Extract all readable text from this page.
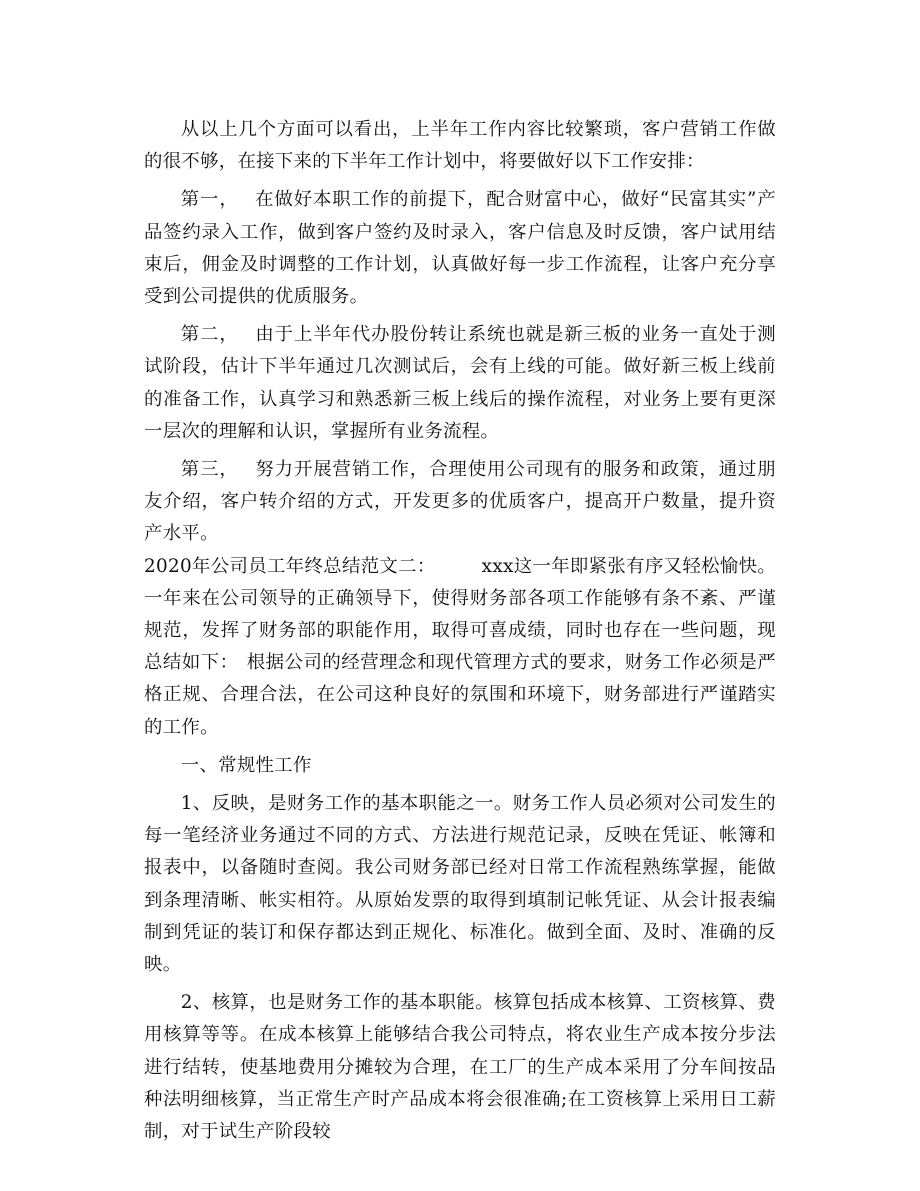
从以上几个方面可以看出，上半年工作内容比较繁琐，客户营销工作做的很不够，在接下来的下半年工作计划中，将要做好以下工作安排：

第一， 在做好本职工作的前提下，配合财富中心，做好“民富其实”产品签约录入工作，做到客户签约及时录入，客户信息及时反馈，客户试用结束后，佣金及时调整的工作计划，认真做好每一步工作流程，让客户充分享受到公司提供的优质服务。

第二， 由于上半年代办股份转让系统也就是新三板的业务一直处于测试阶段，估计下半年通过几次测试后，会有上线的可能。做好新三板上线前的准备工作，认真学习和熟悉新三板上线后的操作流程，对业务上要有更深一层次的理解和认识，掌握所有业务流程。

第三， 努力开展营销工作，合理使用公司现有的服务和政策，通过朋友介绍，客户转介绍的方式，开发更多的优质客户，提高开户数量，提升资产水平。

2020年公司员工年终总结范文二：	xxx这一年即紧张有序又轻松愉快。一年来在公司领导的正确领导下，使得财务部各项工作能够有条不紊、严谨规范，发挥了财务部的职能作用，取得可喜成绩，同时也存在一些问题，现总结如下： 根据公司的经营理念和现代管理方式的要求，财务工作必须是严格正规、合理合法，在公司这种良好的氛围和环境下，财务部进行严谨踏实的工作。

一、常规性工作

1、反映，是财务工作的基本职能之一。财务工作人员必须对公司发生的每一笔经济业务通过不同的方式、方法进行规范记录，反映在凭证、帐簿和报表中，以备随时查阅。我公司财务部已经对日常工作流程熟练掌握，能做到条理清晰、帐实相符。从原始发票的取得到填制记帐凭证、从会计报表编制到凭证的装订和保存都达到正规化、标准化。做到全面、及时、准确的反映。

2、核算，也是财务工作的基本职能。核算包括成本核算、工资核算、费用核算等等。在成本核算上能够结合我公司特点，将农业生产成本按分步法进行结转，使基地费用分摊较为合理，在工厂的生产成本采用了分车间按品种法明细核算，当正常生产时产品成本将会很准确;在工资核算上采用日工薪制，对于试生产阶段较
